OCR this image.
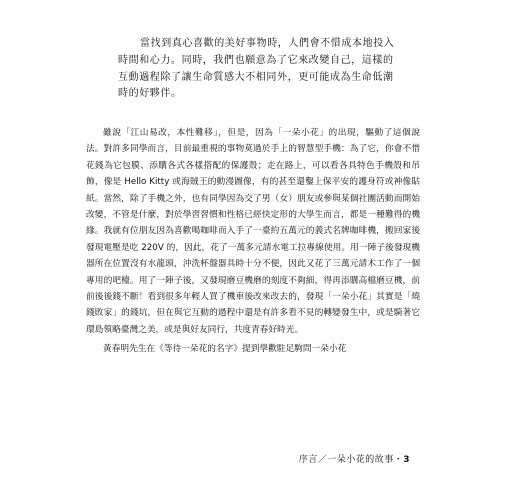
當找到真心喜歡的美好事物時，人們會不惜成本地投入

時間和心力。同時，我們也願意為了它來改變自己，這樣的

互動過程除了讓生命質感大不相同外，更可能成為生命低潮

時的好夥伴。

雖說「江山易改，本性難移」，但是，因為「一朵小花」的出現，驅動了這個說法。對許多同學而言，目前最重視的事物莫過於手上的智慧型手機：為了它，你會不惜花錢為它包膜、添購各式各樣搭配的保護殼；走在路上，可以看各具特色手機殼和吊飾，像是 Hello Kitty 或海賊王的動漫圖像，有的甚至還鑿上保平安的護身符或神像貼紙。當然，除了手機之外，也有同學因為交了男（女）朋友或參與某個社團活動而開始改變，不管是什麼，對於學習習慣和性格已經快定形的大學生而言，都是一種難得的機緣。我就有位朋友因為喜歡喝咖啡而入手了一臺約五萬元的義式名牌咖啡機，搬回家後發現電壓是吃 220V 的，因此，花了一萬多元請水電工拉專線使用。用一陣子後發現機器所在位置沒有水龍頭，沖洗杯盤器具時十分不便，因此又花了三萬元請木工作了一個專用的吧檯。用了一陣子後，又發現磨豆機磨的刻度不夠細，得再添購高檔磨豆機，前前後後錢不斷！看到很多年輕人買了機車後改來改去的，發現「一朵小花」其實是「燒錢敗家」的錢坑，但在與它互動的過程中還是有許多看不見的轉變發生中，或是騎著它環島領略臺灣之美，或是與好友同行，共度青春好時光。

黃春明先生在《等待一朵花的名字》提到學歡駐足駒問一朵小花

序言／一朵小花的故事・3
